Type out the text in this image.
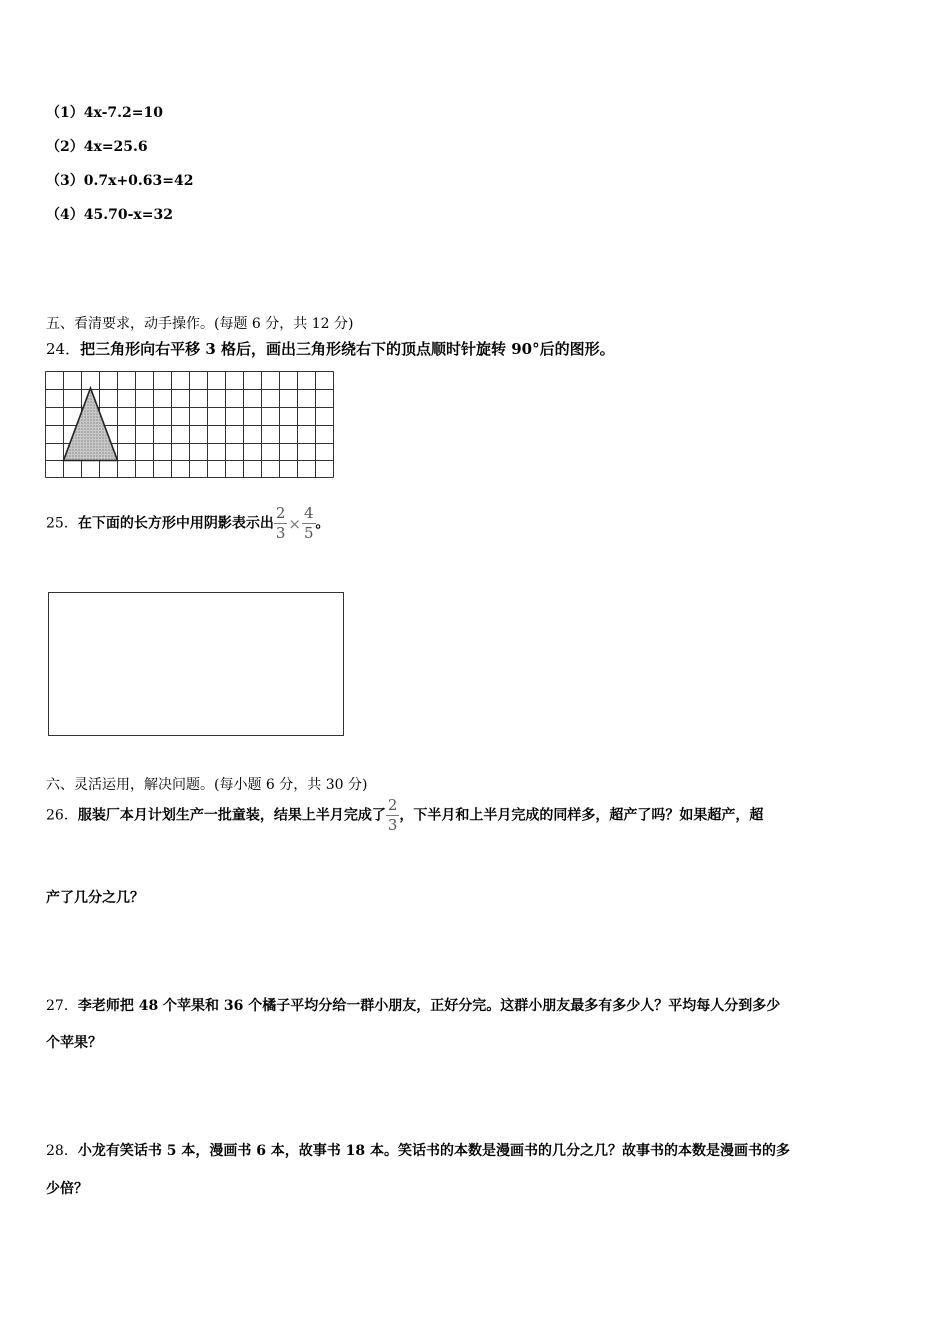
（1）4x-7.2=10
（2）4x=25.6
（3）0.7x+0.63=42
（4）45.70-x=32
五、看清要求，动手操作。(每题 6 分，共 12 分)
24．把三角形向右平移 3 格后，画出三角形绕右下的顶点顺时针旋转 90°后的图形。
25．在下面的长方形中用阴影表示出 $\frac{2}{3} \times \frac{4}{5}$ 。
六、灵活运用，解决问题。(每小题 6 分，共 30 分)
26．服装厂本月计划生产一批童装，结果上半月完成了 $\frac{2}{3}$ ，下半月和上半月完成的同样多，超产了吗？如果超产，超
产了几分之几？
27．李老师把 48 个苹果和 36 个橘子平均分给一群小朋友，正好分完。这群小朋友最多有多少人？平均每人分到多少
个苹果？
28．小龙有笑话书 5 本，漫画书 6 本，故事书 18 本。笑话书的本数是漫画书的几分之几？故事书的本数是漫画书的多
少倍？
